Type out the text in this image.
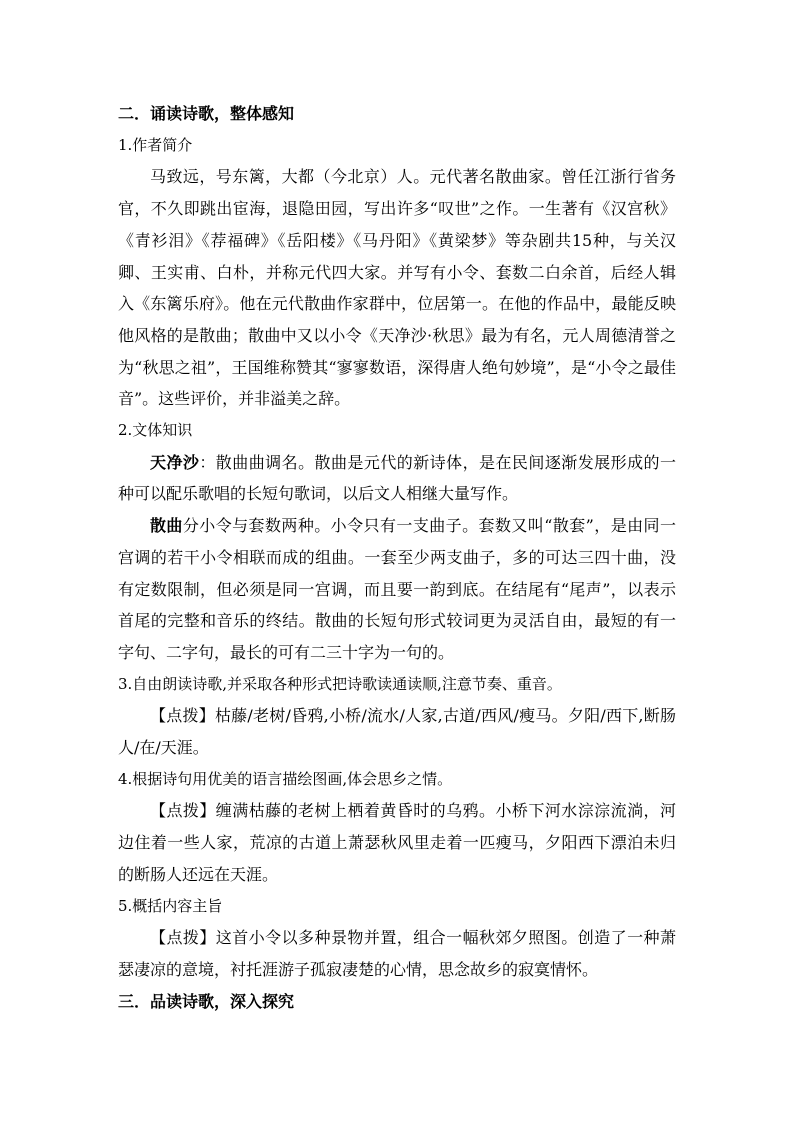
二．诵读诗歌，整体感知

1.作者简介

马致远，号东篱，大都（今北京）人。元代著名散曲家。曾任江浙行省务官，不久即跳出宦海，退隐田园，写出许多“叹世”之作。一生著有《汉宫秋》《青衫泪》《荐福碑》《岳阳楼》《马丹阳》《黄梁梦》等杂剧共15种，与关汉卿、王实甫、白朴，并称元代四大家。并写有小令、套数二白余首，后经人辑入《东篱乐府》。他在元代散曲作家群中，位居第一。在他的作品中，最能反映他风格的是散曲；散曲中又以小令《天净沙·秋思》最为有名，元人周德清誉之为“秋思之祖”，王国维称赞其“寥寥数语，深得唐人绝句妙境”，是“小令之最佳音”。这些评价，并非溢美之辞。

2.文体知识

天净沙：散曲曲调名。散曲是元代的新诗体，是在民间逐渐发展形成的一种可以配乐歌唱的长短句歌词，以后文人相继大量写作。

散曲分小令与套数两种。小令只有一支曲子。套数又叫“散套”，是由同一宫调的若干小令相联而成的组曲。一套至少两支曲子，多的可达三四十曲，没有定数限制，但必须是同一宫调，而且要一韵到底。在结尾有“尾声”，以表示首尾的完整和音乐的终结。散曲的长短句形式较词更为灵活自由，最短的有一字句、二字句，最长的可有二三十字为一句的。

3.自由朗读诗歌,并采取各种形式把诗歌读通读顺,注意节奏、重音。

【点拨】枯藤/老树/昏鸦,小桥/流水/人家,古道/西风/瘦马。夕阳/西下,断肠人/在/天涯。

4.根据诗句用优美的语言描绘图画,体会思乡之情。

【点拨】缠满枯藤的老树上栖着黄昏时的乌鸦。小桥下河水淙淙流淌，河边住着一些人家，荒凉的古道上萧瑟秋风里走着一匹瘦马，夕阳西下漂泊未归的断肠人还远在天涯。

5.概括内容主旨

【点拨】这首小令以多种景物并置，组合一幅秋郊夕照图。创造了一种萧瑟凄凉的意境，衬托涯游子孤寂凄楚的心情，思念故乡的寂寞情怀。

三．品读诗歌，深入探究
